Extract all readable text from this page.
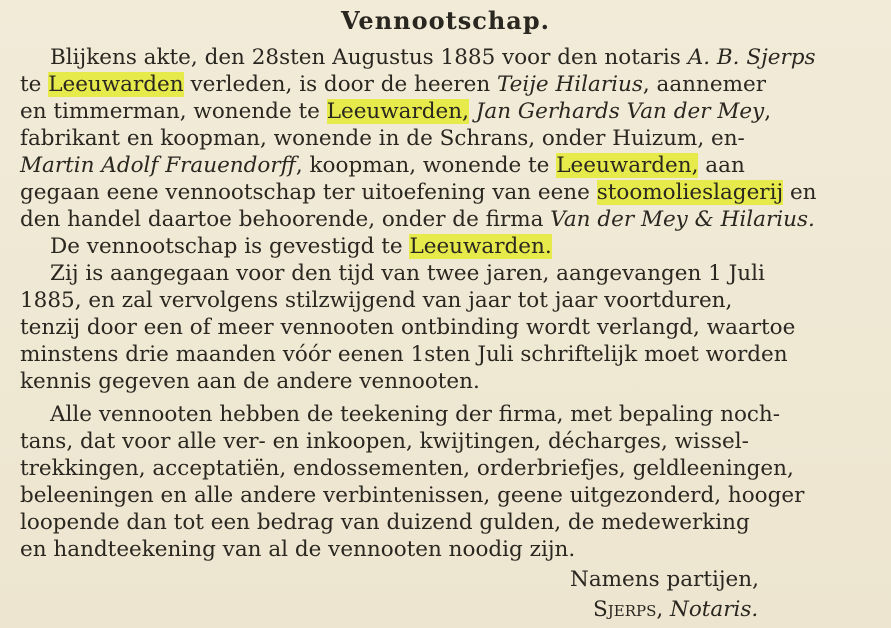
Vennootschap.
Blijkens akte, den 28sten Augustus 1885 voor den notaris A. B. Sjerps
te Leeuwarden verleden, is door de heeren Teije Hilarius, aannemer
en timmerman, wonende te Leeuwarden, Jan Gerhards Van der Mey,
fabrikant en koopman, wonende in de Schrans, onder Huizum, en-
Martin Adolf Frauendorff, koopman, wonende te Leeuwarden, aan
gegaan eene vennootschap ter uitoefening van eene stoomolieslagerij en
den handel daartoe behoorende, onder de firma Van der Mey & Hilarius.
De vennootschap is gevestigd te Leeuwarden.
Zij is aangegaan voor den tijd van twee jaren, aangevangen 1 Juli
1885, en zal vervolgens stilzwijgend van jaar tot jaar voortduren,
tenzij door een of meer vennooten ontbinding wordt verlangd, waartoe
minstens drie maanden vóór eenen 1sten Juli schriftelijk moet worden
kennis gegeven aan de andere vennooten.
Alle vennooten hebben de teekening der firma, met bepaling noch-
tans, dat voor alle ver- en inkoopen, kwijtingen, décharges, wissel-
trekkingen, acceptatiën, endossementen, orderbriefjes, geldleeningen,
beleeningen en alle andere verbintenissen, geene uitgezonderd, hooger
loopende dan tot een bedrag van duizend gulden, de medewerking
en handteekening van al de vennooten noodig zijn.
Namens partijen,
Sjerps, Notaris.
